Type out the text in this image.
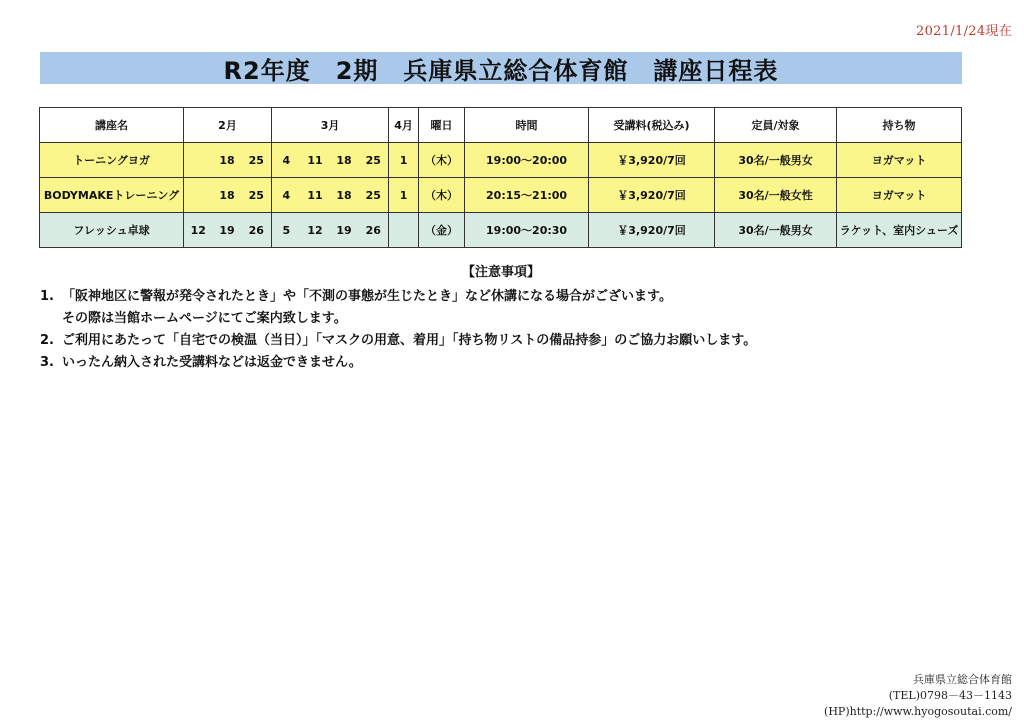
2021/1/24現在
R2年度　2期　兵庫県立総合体育館　講座日程表
講座名	2月			3月				4月	曜日	時間	受講料(税込み)	定員/対象	持ち物
トーニングヨガ		18	25	4	11	18	25	1	（木）	19:00～20:00	￥3,920/7回	30名/一般男女	ヨガマット
BODYMAKEトレーニング		18	25	4	11	18	25	1	（木）	20:15～21:00	￥3,920/7回	30名/一般女性	ヨガマット
フレッシュ卓球	12	19	26	5	12	19	26		（金）	19:00～20:30	￥3,920/7回	30名/一般男女	ラケット、室内シューズ
【注意事項】
1. 「阪神地区に警報が発令されたとき」や「不測の事態が生じたとき」など休講になる場合がございます。
その際は当館ホームページにてご案内致します。
2. ご利用にあたって「自宅での検温（当日）」「マスクの用意、着用」「持ち物リストの備品持参」のご協力お願いします。
3. いったん納入された受講料などは返金できません。
兵庫県立総合体育館
(TEL)0798－43－1143
(HP)http://www.hyogosoutai.com/
